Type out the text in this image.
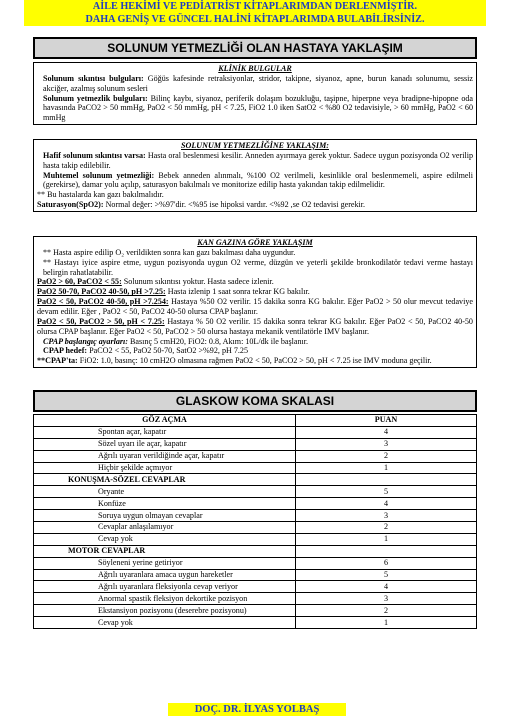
AİLE HEKİMİ VE PEDİATRİST KİTAPLARIMDAN DERLENMİŞTİR.
DAHA GENİŞ VE GÜNCEL HALİNİ KİTAPLARIMDA BULABİLİRSİNİZ.
SOLUNUM YETMEZLİĞİ OLAN HASTAYA YAKLAŞIM
KLİNİK BULGULAR
Solunum sıkıntısı bulguları: Göğüs kafesinde retraksiyonlar, stridor, takipne, siyanoz, apne, burun kanadı solunumu, sessiz akciğer, azalmış solunum sesleri
Solunum yetmezlik bulguları: Bilinç kaybı, siyanoz, periferik dolaşım bozukluğu, taşipne, hiperpne veya bradipne-hipopne oda havasında PaCO2 > 50 mmHg, PaO2 < 50 mmHg, pH < 7.25, FiO2 1.0 iken SatO2 < %80 O2 tedavisiyle, > 60 mmHg, PaO2 < 60 mmHg
SOLUNUM YETMEZLİĞİNE YAKLAŞIM:
Hafif solunum sıkıntısı varsa: Hasta oral beslenmesi kesilir. Anneden ayırmaya gerek yoktur. Sadece uygun pozisyonda O2 verilip hasta takip edilebilir.
Muhtemel solunum yetmezliği: Bebek anneden alınmalı, %100 O2 verilmeli, kesinlikle oral beslenmemeli, aspire edilmeli (gerekirse), damar yolu açılıp, saturasyon bakılmalı ve monitorize edilip hasta yakından takip edilmelidir.
** Bu hastalarda kan gazı bakılmalıdır.
Saturasyon(SpO2): Normal değer: >%97'dir. <%95 ise hipoksi vardır. <%92 ,se O2 tedavisi gerekir.
KAN GAZINA GÖRE YAKLAŞIM
** Hasta aspire edilip O₂ verildikten sonra kan gazı bakılması daha uygundur.
** Hastayı iyice aspire etme, uygun pozisyonda uygun O2 verme, düzgün ve yeterli şekilde bronkodilatör tedavi verme hastayı belirgin rahatlatabilir.
PaO2 > 60, PaCO2 < 55: Solunum sıkıntısı yoktur. Hasta sadece izlenir.
PaO2 50-70, PaCO2 40-50, pH >7.25: Hasta izlenip 1 saat sonra tekrar KG bakılır.
PaO2 < 50, PaCO2 40-50, pH >7.254: Hastaya %50 O2 verilir. 15 dakika sonra KG bakılır. Eğer PaO2 > 50 olur mevcut tedaviye devam edilir. Eğer , PaO2 < 50, PaCO2 40-50 olursa CPAP başlanır.
PaO2 < 50, PaCO2 > 50, pH < 7.25: Hastaya % 50 O2 verilir. 15 dakika sonra tekrar KG bakılır. Eğer PaO2 < 50, PaCO2 40-50 olursa CPAP başlanır. Eğer PaO2 < 50, PaCO2 > 50 olursa hastaya mekanik ventilatörle IMV başlanır.
CPAP başlangıç ayarları: Basınç 5 cmH20, FiO2: 0.8, Akım: 10L/dk ile başlanır.
CPAP hedef: PaCO2 < 55, PaO2 50-70, SatO2 >%92, pH 7.25
**CPAP'ta: FiO2: 1.0, basınç: 10 cmH2O olmasına rağmen PaO2 < 50, PaCO2 > 50, pH < 7.25 ise IMV moduna geçilir.
GLASKOW KOMA SKALASI
GÖZ AÇMA	PUAN
Spontan açar, kapatır	4
Sözel uyarı ile açar, kapatır	3
Ağrılı uyaran verildiğinde açar, kapatır	2
Hiçbir şekilde açmıyor	1
KONUŞMA-SÖZEL CEVAPLAR	
Oryante	5
Konfüze	4
Soruya uygun olmayan cevaplar	3
Cevaplar anlaşılamıyor	2
Cevap yok	1
MOTOR CEVAPLAR	
Söyleneni yerine getiriyor	6
Ağrılı uyaranlara amaca uygun hareketler	5
Ağrılı uyaranlara fleksiyonla cevap veriyor	4
Anormal spastik fleksiyon dekortike pozisyon	3
Ekstansiyon pozisyonu (deserebre pozisyonu)	2
Cevap yok	1
DOÇ. DR. İLYAS YOLBAŞ
